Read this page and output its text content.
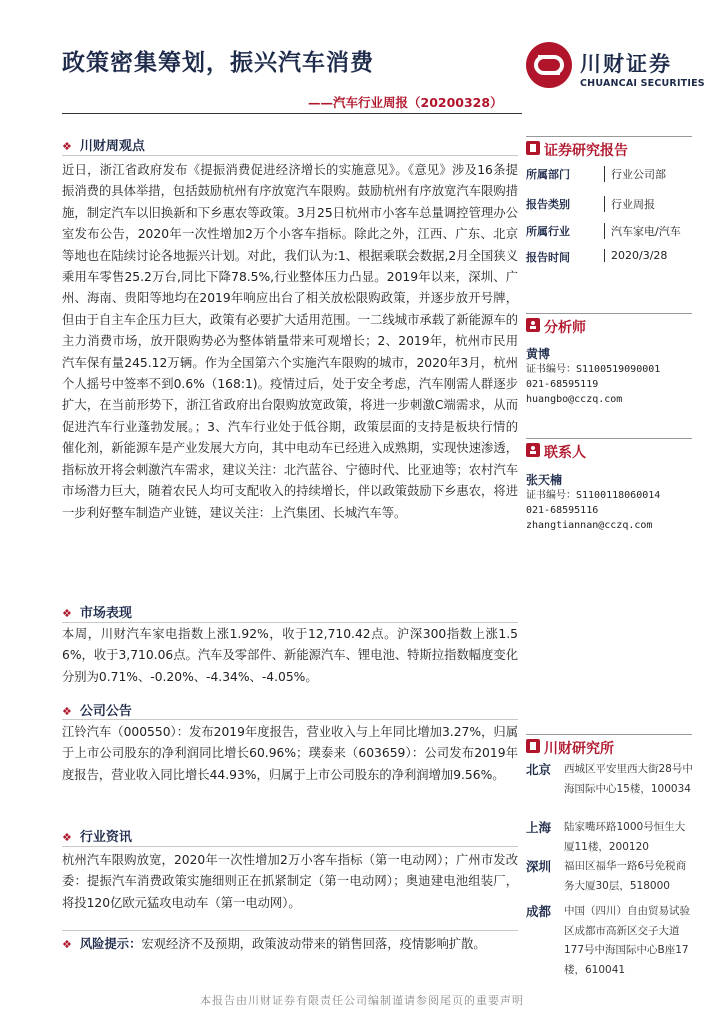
政策密集筹划，振兴汽车消费
——汽车行业周报（20200328）
川财证券
CHUANCAI SECURITIES
❖ 川财周观点
近日，浙江省政府发布《提振消费促进经济增长的实施意见》。《意见》涉及16条提振消费的具体举措，包括鼓励杭州有序放宽汽车限购。鼓励杭州有序放宽汽车限购措施，制定汽车以旧换新和下乡惠农等政策。3月25日杭州市小客车总量调控管理办公室发布公告，2020年一次性增加2万个小客车指标。除此之外，江西、广东、北京等地也在陆续讨论各地振兴计划。对此，我们认为:1、根据乘联会数据,2月全国狭义乘用车零售25.2万台,同比下降78.5%,行业整体压力凸显。2019年以来，深圳、广州、海南、贵阳等地均在2019年响应出台了相关放松限购政策，并逐步放开号牌，但由于自主车企压力巨大，政策有必要扩大适用范围。一二线城市承载了新能源车的主力消费市场，放开限购势必为整体销量带来可观增长；2、2019年，杭州市民用汽车保有量245.12万辆。作为全国第六个实施汽车限购的城市，2020年3月，杭州个人摇号中签率不到0.6%（168:1)。疫情过后，处于安全考虑，汽车刚需人群逐步扩大，在当前形势下，浙江省政府出台限购放宽政策，将进一步刺激C端需求，从而促进汽车行业蓬勃发展。；3、汽车行业处于低谷期，政策层面的支持是板块行情的催化剂，新能源车是产业发展大方向，其中电动车已经进入成熟期，实现快速渗透，指标放开将会刺激汽车需求，建议关注：北汽蓝谷、宁德时代、比亚迪等；农村汽车市场潜力巨大，随着农民人均可支配收入的持续增长，伴以政策鼓励下乡惠农，将进一步利好整车制造产业链，建议关注：上汽集团、长城汽车等。
❖ 市场表现
本周，川财汽车家电指数上涨1.92%，收于12,710.42点。沪深300指数上涨1.56%，收于3,710.06点。汽车及零部件、新能源汽车、锂电池、特斯拉指数幅度变化分别为0.71%、-0.20%、-4.34%、-4.05%。
❖ 公司公告
江铃汽车（000550）：发布2019年度报告，营业收入与上年同比增加3.27%，归属于上市公司股东的净利润同比增长60.96%；璞泰来（603659）：公司发布2019年度报告，营业收入同比增长44.93%，归属于上市公司股东的净利润增加9.56%。
❖ 行业资讯
杭州汽车限购放宽，2020年一次性增加2万小客车指标（第一电动网）；广州市发改委：提振汽车消费政策实施细则正在抓紧制定（第一电动网）；奥迪建电池组装厂，将投120亿欧元猛攻电动车（第一电动网）。
❖ 风险提示：宏观经济不及预期，政策波动带来的销售回落，疫情影响扩散。
证券研究报告
所属部门	行业公司部
报告类别	行业周报
所属行业	汽车家电/汽车
报告时间	2020/3/28
分析师
黄博
证书编号：S1100519090001
021-68595119
huangbo@cczq.com
联系人
张天楠
证书编号：S1100118060014
021-68595116
zhangtiannan@cczq.com
川财研究所
北京 西城区平安里西大街28号中海国际中心15楼，100034
上海 陆家嘴环路1000号恒生大厦11楼，200120
深圳 福田区福华一路6号免税商务大厦30层，518000
成都 中国（四川）自由贸易试验区成都市高新区交子大道177号中海国际中心B座17楼，610041
本报告由川财证券有限责任公司编制谨请参阅尾页的重要声明
